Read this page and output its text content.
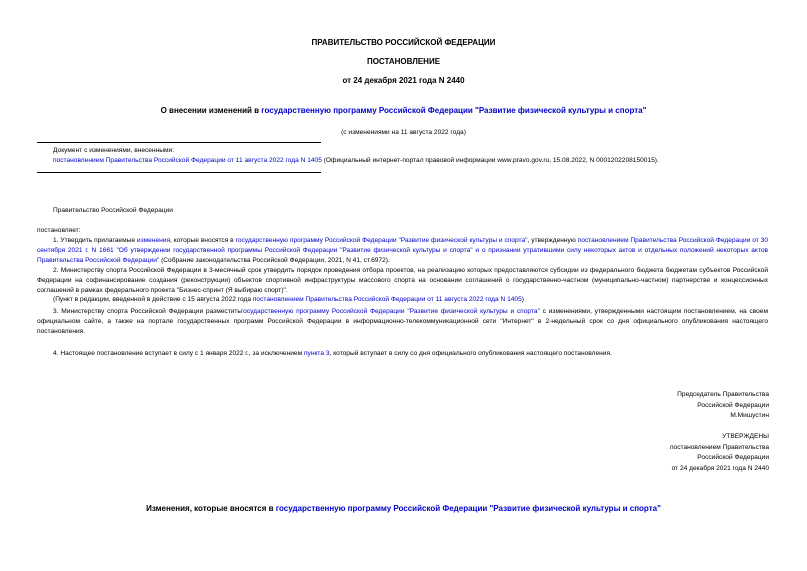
ПРАВИТЕЛЬСТВО РОССИЙСКОЙ ФЕДЕРАЦИИ
ПОСТАНОВЛЕНИЕ
от 24 декабря 2021 года N 2440
О внесении изменений в государственную программу Российской Федерации "Развитие физической культуры и спорта"
(с изменениями на 11 августа 2022 года)
Документ с изменениями, внесенными:
постановлением Правительства Российской Федерации от 11 августа 2022 года N 1405 (Официальный интернет-портал правовой информации www.pravo.gov.ru, 15.08.2022, N 0001202208150015).
Правительство Российской Федерации
постановляет:
1. Утвердить прилагаемые изменения, которые вносятся в государственную программу Российской Федерации "Развитие физической культуры и спорта", утвержденную постановлением Правительства Российской Федерации от 30 сентября 2021 г. N 1661 "Об утверждении государственной программы Российской Федерации "Развитие физической культуры и спорта" и о признании утратившими силу некоторых актов и отдельных положений некоторых актов Правительства Российской Федерации" (Собрание законодательства Российской Федерации, 2021, N 41, ст.6972).
2. Министерству спорта Российской Федерации в 3-месячный срок утвердить порядок проведения отбора проектов, на реализацию которых предоставляются субсидии из федерального бюджета бюджетам субъектов Российской Федерации на софинансирование создания (реконструкции) объектов спортивной инфраструктуры массового спорта на основании соглашений о государственно-частном (муниципально-частном) партнерстве и концессионных соглашений в рамках федерального проекта "Бизнес-спринт (Я выбираю спорт)".
(Пункт в редакции, введенной в действие с 15 августа 2022 года постановлением Правительства Российской Федерации от 11 августа 2022 года N 1405)
3. Министерству спорта Российской Федерации разместитьгосударственную программу Российской Федерации "Развитие физической культуры и спорта" с изменениями, утвержденными настоящим постановлением, на своем официальном сайте, а также на портале государственных программ Российской Федерации в информационно-телекоммуникационной сети "Интернет" в 2-недельный срок со дня официального опубликования настоящего постановления.
4. Настоящее постановление вступает в силу с 1 января 2022 г., за исключением пункта 3, который вступает в силу со дня официального опубликования настоящего постановления.
Председатель Правительства
Российской Федерации
М.Мишустин
УТВЕРЖДЕНЫ
постановлением Правительства
Российской Федерации
от 24 декабря 2021 года N 2440
Изменения, которые вносятся в государственную программу Российской Федерации "Развитие физической культуры и спорта"
